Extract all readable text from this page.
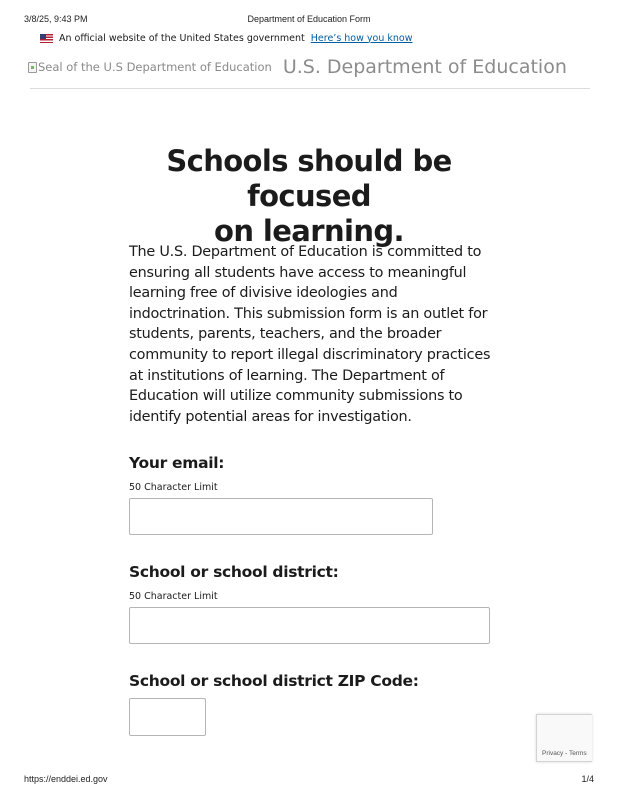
3/8/25, 9:43 PM	Department of Education Form
An official website of the United States government Here’s how you know
Seal of the U.S Department of Education U.S. Department of Education
Schools should be focused
on learning.

The U.S. Department of Education is committed to ensuring all students have access to meaningful learning free of divisive ideologies and indoctrination. This submission form is an outlet for students, parents, teachers, and the broader community to report illegal discriminatory practices at institutions of learning. The Department of Education will utilize community submissions to identify potential areas for investigation.

Your email:
50 Character Limit
School or school district:
50 Character Limit
School or school district ZIP Code:
Privacy - Terms
https://enddei.ed.gov	1/4
